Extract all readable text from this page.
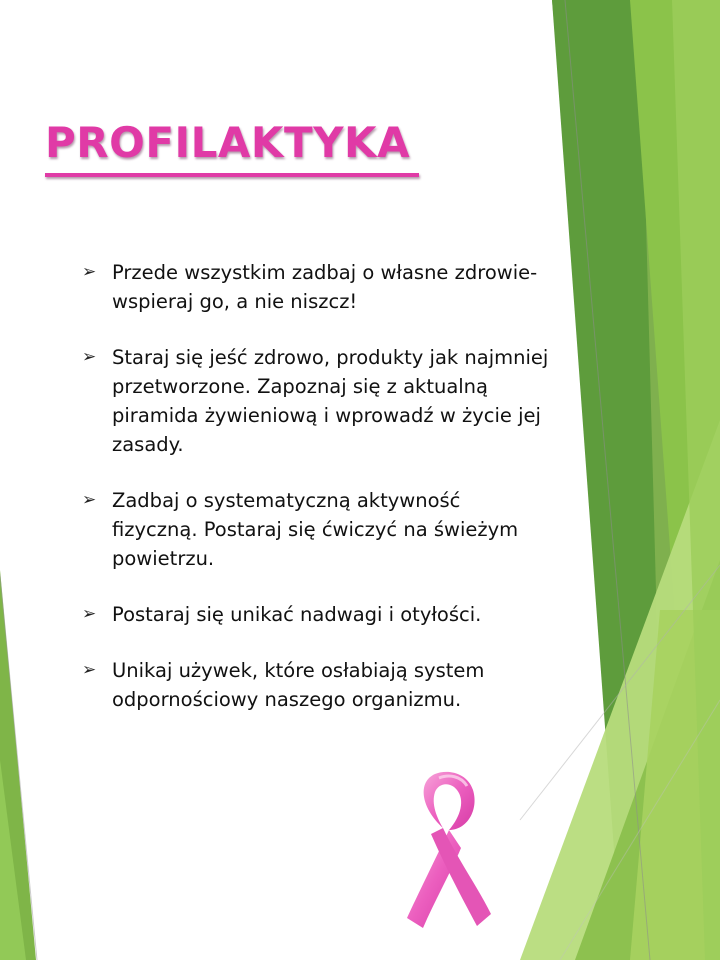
PROFILAKTYKA
➢ Przede wszystkim zadbaj o własne zdrowie- wspieraj go, a nie niszcz!
➢ Staraj się jeść zdrowo, produkty jak najmniej przetworzone. Zapoznaj się z aktualną piramida żywieniową i wprowadź w życie jej zasady.
➢ Zadbaj o systematyczną aktywność fizyczną. Postaraj się ćwiczyć na świeżym powietrzu.
➢ Postaraj się unikać nadwagi i otyłości.
➢ Unikaj używek, które osłabiają system odpornościowy naszego organizmu.
